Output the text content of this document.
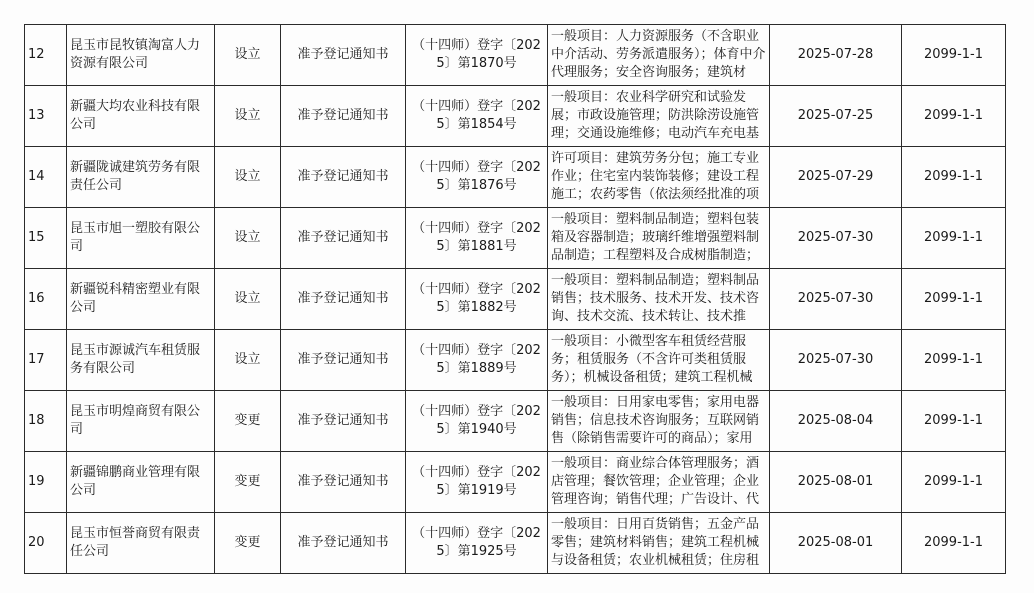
12	昆玉市昆牧镇淘富人力资源有限公司	设立	准予登记通知书	（十四师）登字〔2025〕第1870号	一般项目：人力资源服务（不含职业中介活动、劳务派遣服务）；体育中介代理服务；安全咨询服务；建筑材	2025-07-28	2099-1-1
13	新疆大均农业科技有限公司	设立	准予登记通知书	（十四师）登字〔2025〕第1854号	一般项目：农业科学研究和试验发展；市政设施管理；防洪除涝设施管理；交通设施维修；电动汽车充电基	2025-07-25	2099-1-1
14	新疆陇诚建筑劳务有限责任公司	设立	准予登记通知书	（十四师）登字〔2025〕第1876号	许可项目：建筑劳务分包；施工专业作业；住宅室内装饰装修；建设工程施工；农药零售（依法须经批准的项	2025-07-29	2099-1-1
15	昆玉市旭一塑胶有限公司	设立	准予登记通知书	（十四师）登字〔2025〕第1881号	一般项目：塑料制品制造；塑料包装箱及容器制造；玻璃纤维增强塑料制品制造；工程塑料及合成树脂制造；	2025-07-30	2099-1-1
16	新疆锐科精密塑业有限公司	设立	准予登记通知书	（十四师）登字〔2025〕第1882号	一般项目：塑料制品制造；塑料制品销售；技术服务、技术开发、技术咨询、技术交流、技术转让、技术推	2025-07-30	2099-1-1
17	昆玉市源诚汽车租赁服务有限公司	设立	准予登记通知书	（十四师）登字〔2025〕第1889号	一般项目：小微型客车租赁经营服务；租赁服务（不含许可类租赁服务）；机械设备租赁；建筑工程机械	2025-07-30	2099-1-1
18	昆玉市明煌商贸有限公司	变更	准予登记通知书	（十四师）登字〔2025〕第1940号	一般项目：日用家电零售；家用电器销售；信息技术咨询服务；互联网销售（除销售需要许可的商品）；家用	2025-08-04	2099-1-1
19	新疆锦鹏商业管理有限公司	变更	准予登记通知书	（十四师）登字〔2025〕第1919号	一般项目：商业综合体管理服务；酒店管理；餐饮管理；企业管理；企业管理咨询；销售代理；广告设计、代	2025-08-01	2099-1-1
20	昆玉市恒誉商贸有限责任公司	变更	准予登记通知书	（十四师）登字〔2025〕第1925号	一般项目：日用百货销售；五金产品零售；建筑材料销售；建筑工程机械与设备租赁；农业机械租赁；住房租	2025-08-01	2099-1-1
